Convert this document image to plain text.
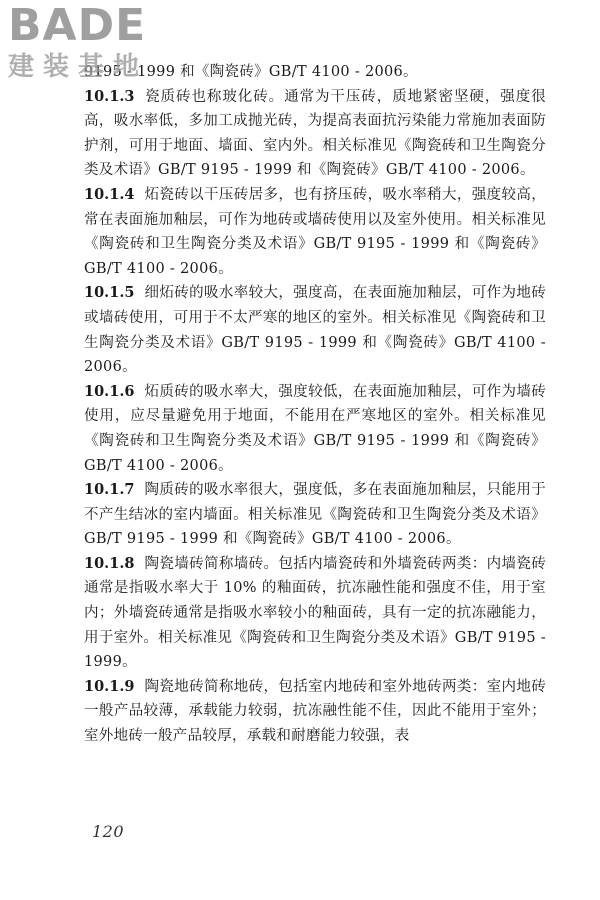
BADE
建装基地

9195 - 1999 和《陶瓷砖》GB/T 4100 - 2006。

10.1.3 瓷质砖也称玻化砖。通常为干压砖，质地紧密坚硬，强度很高，吸水率低，多加工成抛光砖，为提高表面抗污染能力常施加表面防护剂，可用于地面、墙面、室内外。相关标准见《陶瓷砖和卫生陶瓷分类及术语》GB/T 9195 - 1999 和《陶瓷砖》GB/T 4100 - 2006。

10.1.4 炻瓷砖以干压砖居多，也有挤压砖，吸水率稍大，强度较高，常在表面施加釉层，可作为地砖或墙砖使用以及室外使用。相关标准见《陶瓷砖和卫生陶瓷分类及术语》GB/T 9195 - 1999 和《陶瓷砖》GB/T 4100 - 2006。

10.1.5 细炻砖的吸水率较大，强度高，在表面施加釉层，可作为地砖或墙砖使用，可用于不太严寒的地区的室外。相关标准见《陶瓷砖和卫生陶瓷分类及术语》GB/T 9195 - 1999 和《陶瓷砖》GB/T 4100 - 2006。

10.1.6 炻质砖的吸水率大，强度较低，在表面施加釉层，可作为墙砖使用，应尽量避免用于地面，不能用在严寒地区的室外。相关标准见《陶瓷砖和卫生陶瓷分类及术语》GB/T 9195 - 1999 和《陶瓷砖》GB/T 4100 - 2006。

10.1.7 陶质砖的吸水率很大，强度低，多在表面施加釉层，只能用于不产生结冰的室内墙面。相关标准见《陶瓷砖和卫生陶瓷分类及术语》GB/T 9195 - 1999 和《陶瓷砖》GB/T 4100 - 2006。

10.1.8 陶瓷墙砖简称墙砖。包括内墙瓷砖和外墙瓷砖两类：内墙瓷砖通常是指吸水率大于 10% 的釉面砖，抗冻融性能和强度不佳，用于室内；外墙瓷砖通常是指吸水率较小的釉面砖，具有一定的抗冻融能力，用于室外。相关标准见《陶瓷砖和卫生陶瓷分类及术语》GB/T 9195 - 1999。

10.1.9 陶瓷地砖简称地砖，包括室内地砖和室外地砖两类：室内地砖一般产品较薄，承载能力较弱，抗冻融性能不佳，因此不能用于室外；室外地砖一般产品较厚，承载和耐磨能力较强，表

120
